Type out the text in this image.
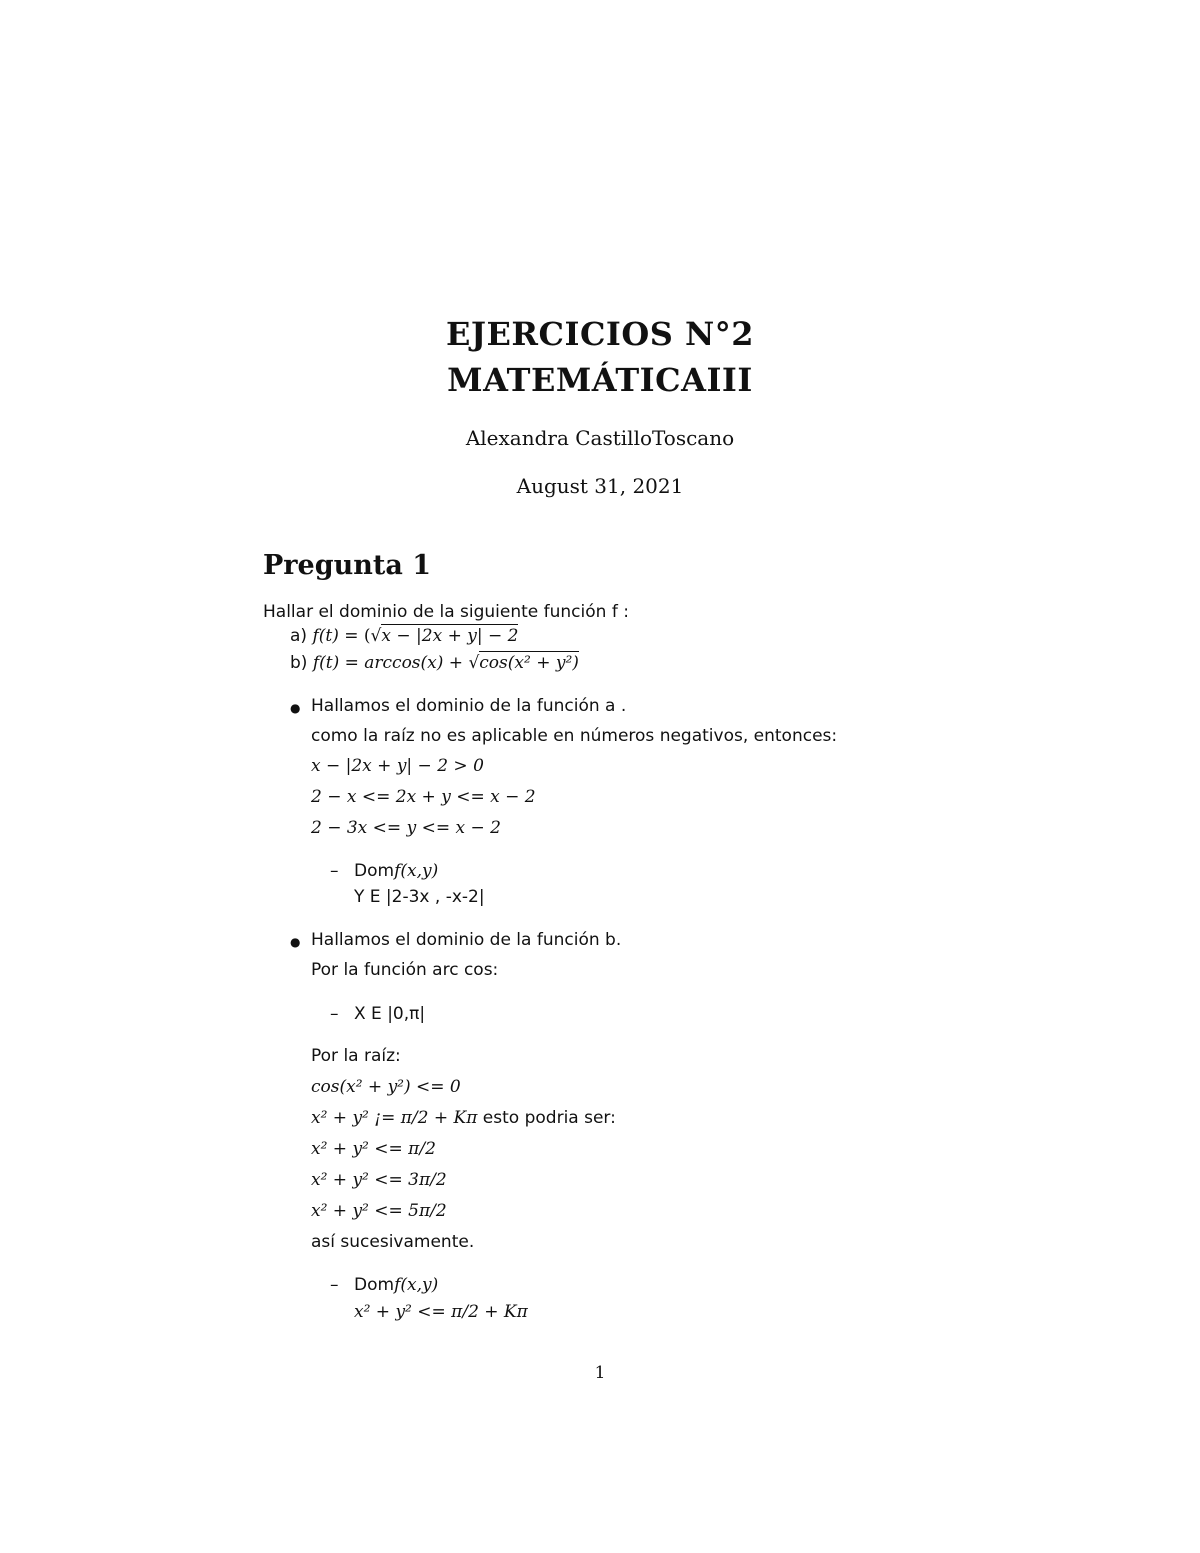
EJERCICIOS N°2
MATEMÁTICAIII
Alexandra CastilloToscano
August 31, 2021
Pregunta 1
Hallar el dominio de la siguiente función f :
a) f(t) = (√x − |2x + y| − 2
b) f(t) = arccos(x) + √cos(x² + y²)
● Hallamos el dominio de la función a .
como la raíz no es aplicable en números negativos, entonces:
x − |2x + y| − 2 > 0
2 − x <= 2x + y <= x − 2
2 − 3x <= y <= x − 2
– Domf(x,y)
Y E |2-3x , -x-2|
● Hallamos el dominio de la función b.
Por la función arc cos:
– X E |0,π|
Por la raíz:
cos(x² + y²) <= 0
x² + y² ¡= π/2 + Kπ esto podria ser:
x² + y² <= π/2
x² + y² <= 3π/2
x² + y² <= 5π/2
así sucesivamente.
– Domf(x,y)
x² + y² <= π/2 + Kπ
1
